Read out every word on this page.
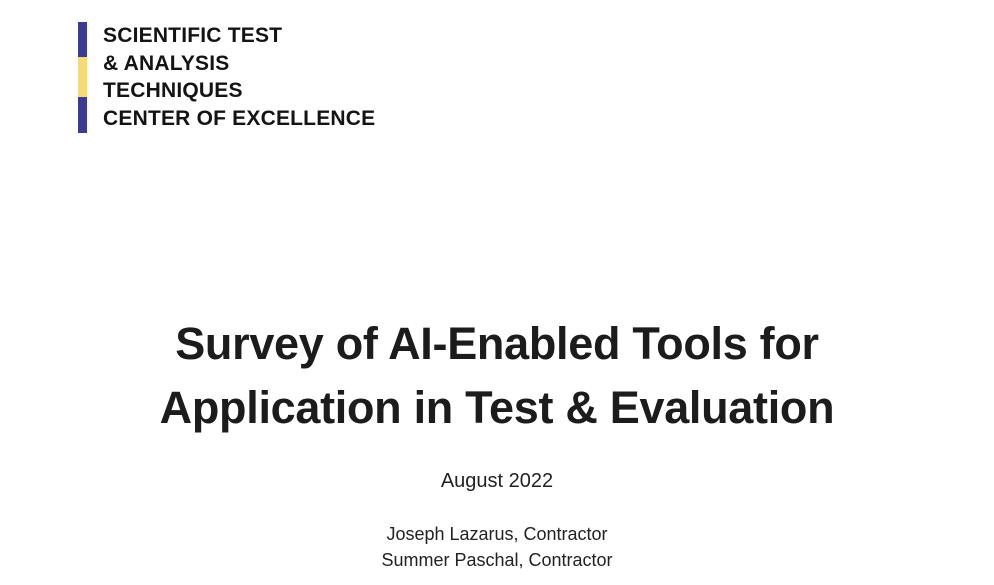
SCIENTIFIC TEST
& ANALYSIS
TECHNIQUES
CENTER OF EXCELLENCE
Survey of AI-Enabled Tools for
Application in Test & Evaluation
August 2022
Joseph Lazarus, Contractor
Summer Paschal, Contractor
